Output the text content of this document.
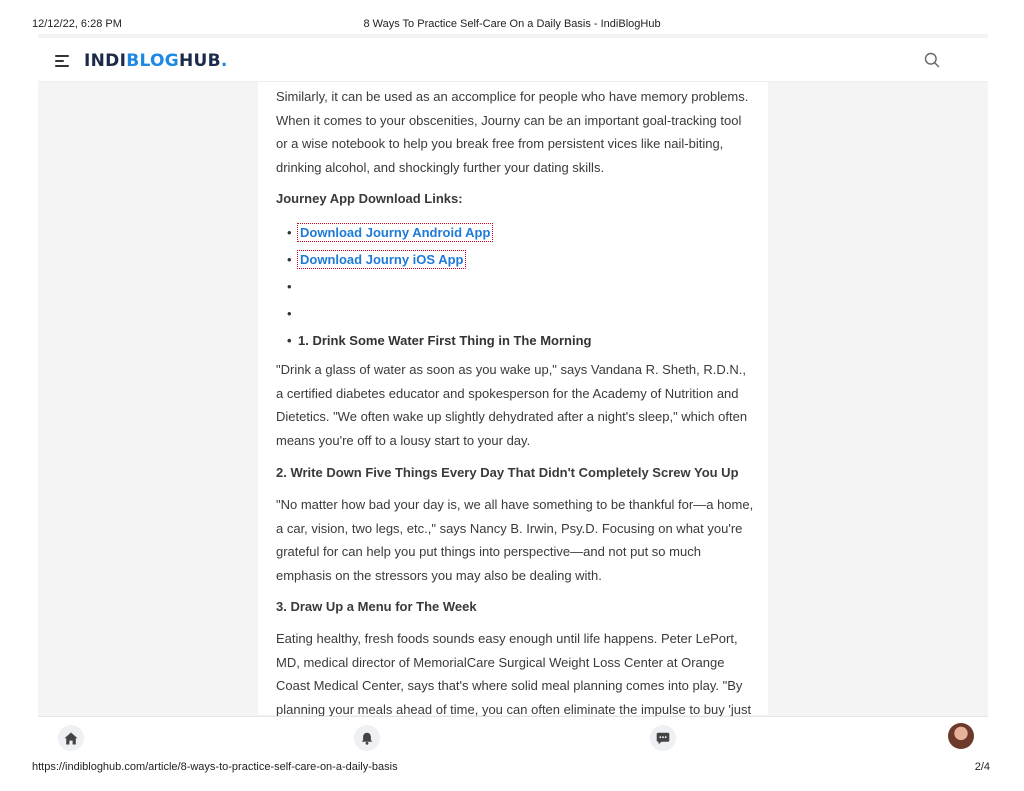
12/12/22, 6:28 PM	8 Ways To Practice Self-Care On a Daily Basis - IndiBlogHub
INDIBLOGHUB.

Similarly, it can be used as an accomplice for people who have memory problems. When it comes to your obscenities, Journy can be an important goal-tracking tool or a wise notebook to help you break free from persistent vices like nail-biting, drinking alcohol, and shockingly further your dating skills.

Journey App Download Links:
• Download Journy Android App
• Download Journy iOS App
• 1. Drink Some Water First Thing in The Morning

"Drink a glass of water as soon as you wake up," says Vandana R. Sheth, R.D.N., a certified diabetes educator and spokesperson for the Academy of Nutrition and Dietetics. "We often wake up slightly dehydrated after a night's sleep," which often means you're off to a lousy start to your day.

2. Write Down Five Things Every Day That Didn't Completely Screw You Up

"No matter how bad your day is, we all have something to be thankful for—a home, a car, vision, two legs, etc.," says Nancy B. Irwin, Psy.D. Focusing on what you're grateful for can help you put things into perspective—and not put so much emphasis on the stressors you may also be dealing with.

3. Draw Up a Menu for The Week

Eating healthy, fresh foods sounds easy enough until life happens. Peter LePort, MD, medical director of MemorialCare Surgical Weight Loss Center at Orange Coast Medical Center, says that's where solid meal planning comes into play. "By planning your meals ahead of time, you can often eliminate the impulse to buy 'just

https://indibloghub.com/article/8-ways-to-practice-self-care-on-a-daily-basis	2/4
